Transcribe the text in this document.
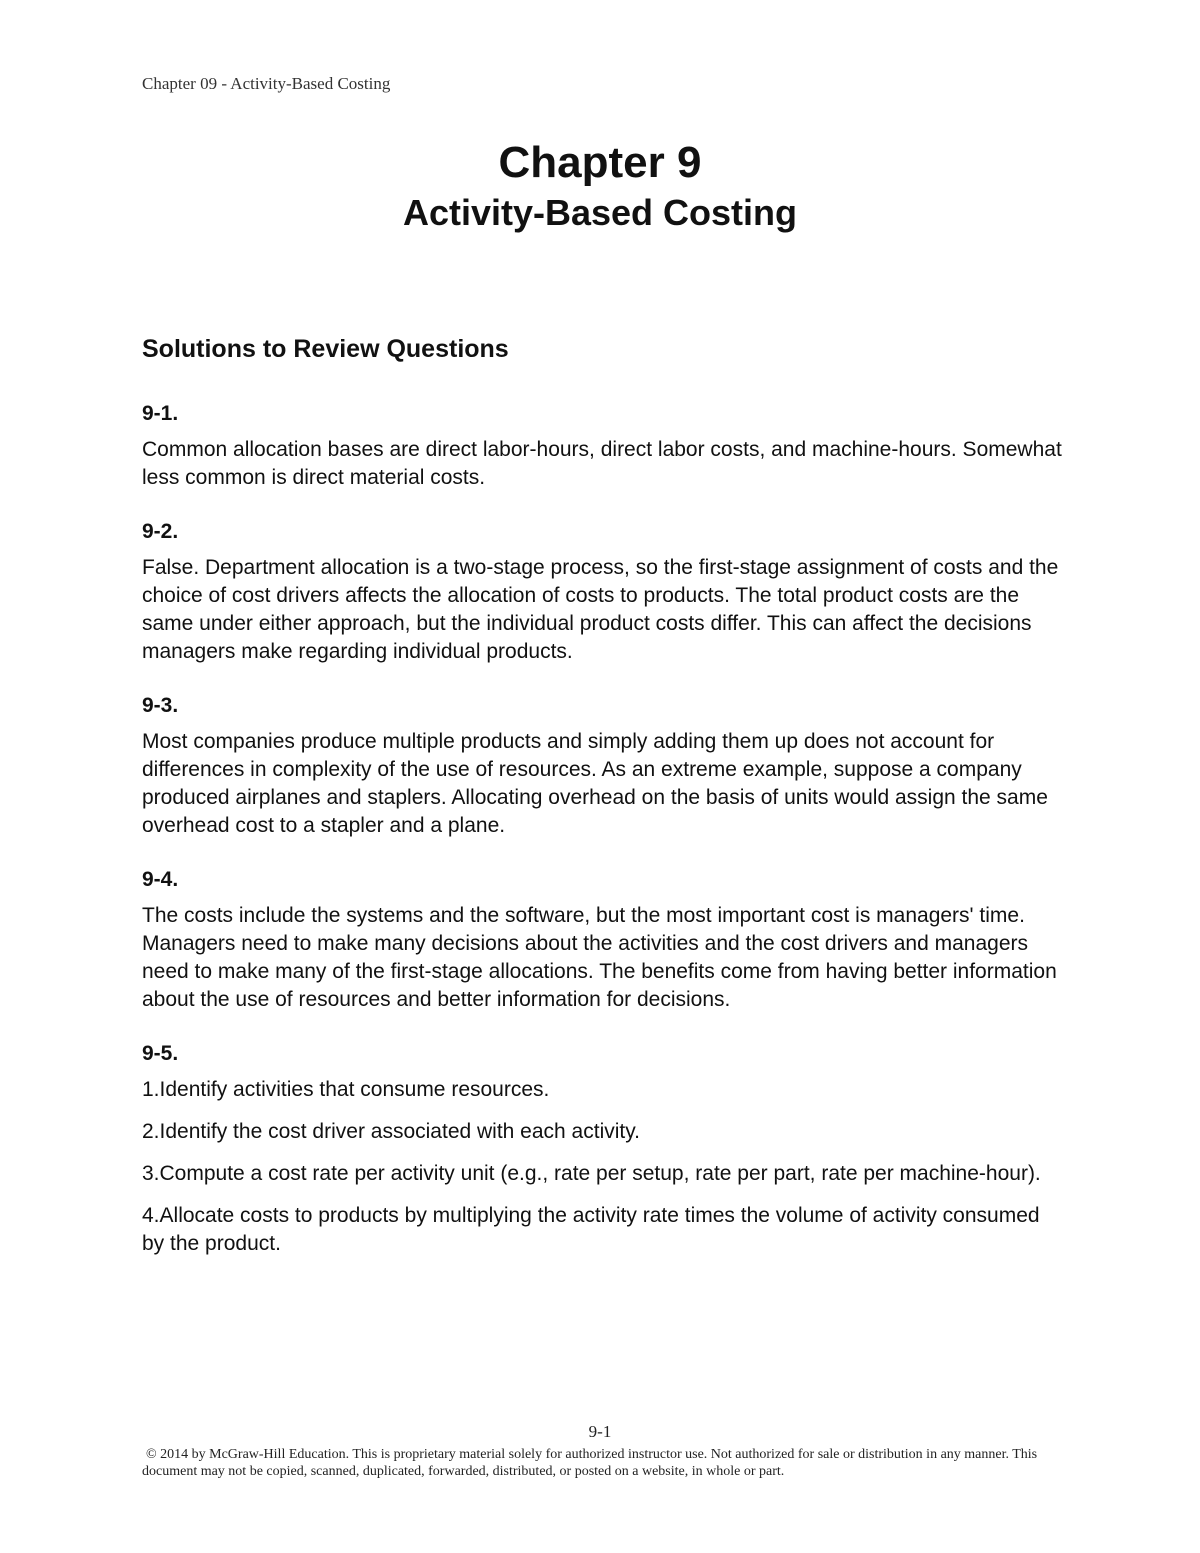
Chapter 09 - Activity-Based Costing
Chapter 9
Activity-Based Costing
Solutions to Review Questions

9-1.

Common allocation bases are direct labor-hours, direct labor costs, and machine-hours. Somewhat less common is direct material costs.

9-2.

False. Department allocation is a two-stage process, so the first-stage assignment of costs and the choice of cost drivers affects the allocation of costs to products. The total product costs are the same under either approach, but the individual product costs differ. This can affect the decisions managers make regarding individual products.

9-3.

Most companies produce multiple products and simply adding them up does not account for differences in complexity of the use of resources. As an extreme example, suppose a company produced airplanes and staplers. Allocating overhead on the basis of units would assign the same overhead cost to a stapler and a plane.

9-4.

The costs include the systems and the software, but the most important cost is managers' time. Managers need to make many decisions about the activities and the cost drivers and managers need to make many of the first-stage allocations. The benefits come from having better information about the use of resources and better information for decisions.

9-5.

1.Identify activities that consume resources.
2.Identify the cost driver associated with each activity.
3.Compute a cost rate per activity unit (e.g., rate per setup, rate per part, rate per machine-hour).
4.Allocate costs to products by multiplying the activity rate times the volume of activity consumed by the product.

9-1

© 2014 by McGraw-Hill Education. This is proprietary material solely for authorized instructor use. Not authorized for sale or distribution in any manner. This document may not be copied, scanned, duplicated, forwarded, distributed, or posted on a website, in whole or part.
